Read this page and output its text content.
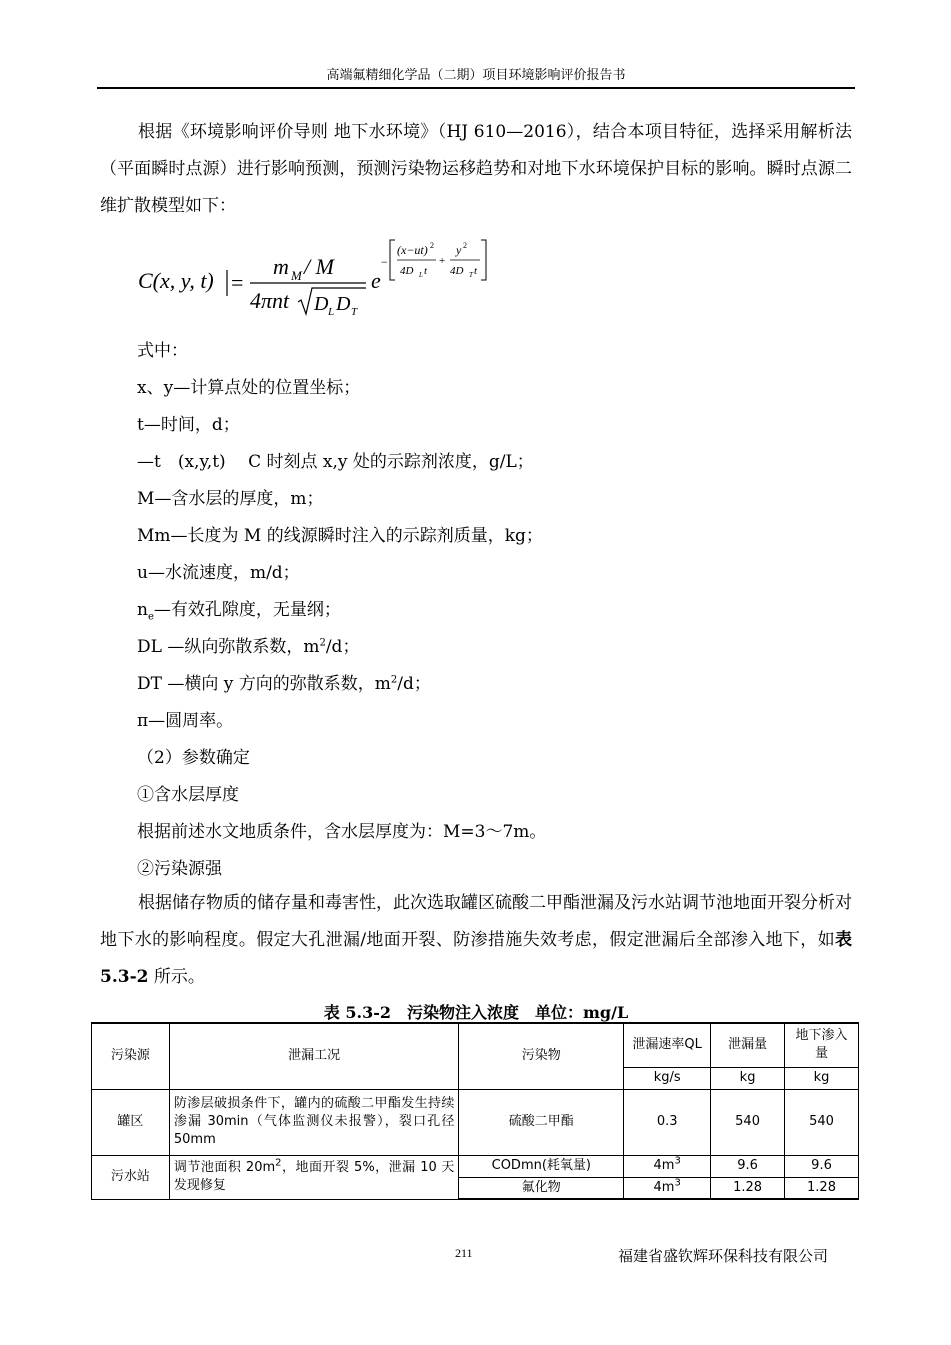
高端氟精细化学品（二期）项目环境影响评价报告书

根据《环境影响评价导则 地下水环境》（HJ 610—2016），结合本项目特征，选择采用解析法（平面瞬时点源）进行影响预测，预测污染物运移趋势和对地下水环境保护目标的影响。瞬时点源二维扩散模型如下：

C(x, y, t) =
m M / M
4πnt D L D T
e
−
(x−ut) 2
4D L t
+
y 2
4D T t
式中：
x、y—计算点处的位置坐标；
t—时间，d；
—t　(x,y,t)　 C 时刻点 x,y 处的示踪剂浓度，g/L；
M—含水层的厚度，m；
Mm—长度为 M 的线源瞬时注入的示踪剂质量，kg；
u—水流速度，m/d；
$n_e—$有效孔隙度，无量纲；
DL —纵向弥散系数，$m^2/d$；
DT —横向 y 方向的弥散系数，$m^2/d$；
π—圆周率。
（2）参数确定
①含水层厚度
根据前述水文地质条件，含水层厚度为：M=3～7m。
②污染源强

根据储存物质的储存量和毒害性，此次选取罐区硫酸二甲酯泄漏及污水站调节池地面开裂分析对地下水的影响程度。假定大孔泄漏/地面开裂、防渗措施失效考虑，假定泄漏后全部渗入地下，如表 5.3-2 所示。

表 5.3-2　污染物注入浓度　单位：mg/L
污染源	泄漏工况	污染物	泄漏速率QL	泄漏量	地下渗入量
			kg/s	kg	kg
罐区	防渗层破损条件下，罐内的硫酸二甲酯发生持续渗漏 30min（气体监测仪未报警），裂口孔径 50mm	硫酸二甲酯	0.3	540	540
污水站	调节池面积 $20m^2$，地面开裂 5%，泄漏 10 天发现修复	CODmn(耗氧量)	$4m^3$	9.6	9.6
		氟化物	$4m^3$	1.28	1.28
211	福建省盛钦辉环保科技有限公司
